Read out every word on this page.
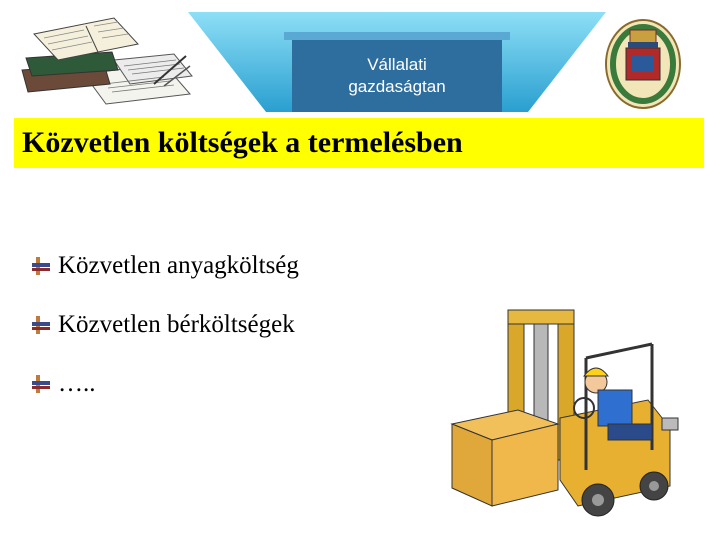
Vállalati
gazdaságtan
Közvetlen költségek a termelésben
Közvetlen anyagköltség
Közvetlen bérköltségek
…..
